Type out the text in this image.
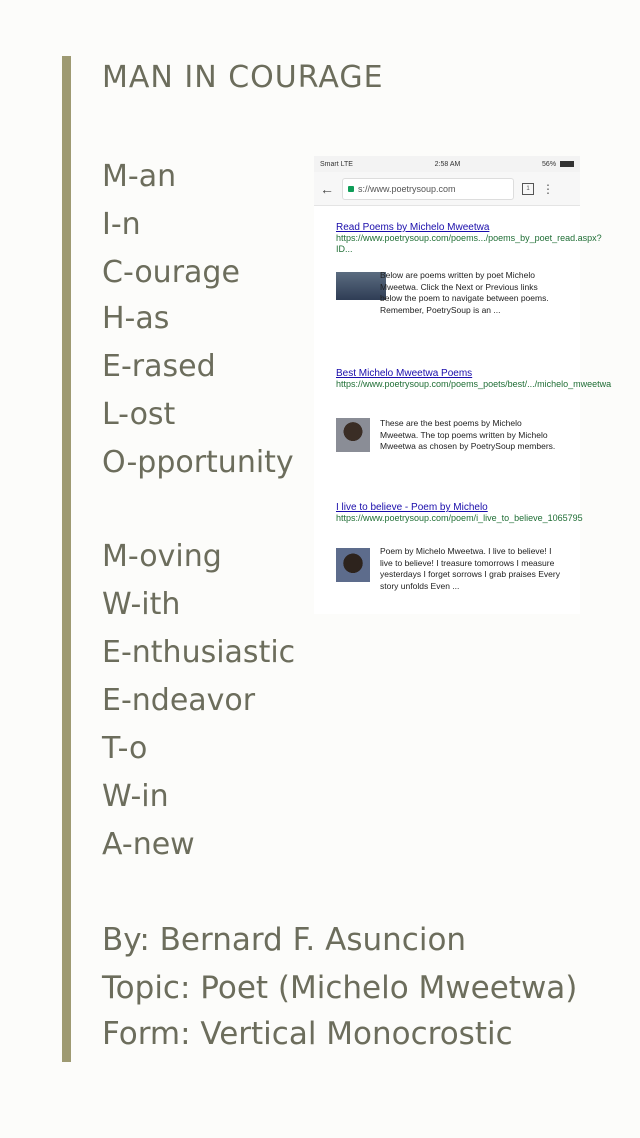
MAN IN COURAGE
M-an
I-n
C-ourage
H-as
E-rased
L-ost
O-pportunity
M-oving
W-ith
E-nthusiastic
E-ndeavor
T-o
W-in
A-new
By: Bernard F. Asuncion
Topic: Poet (Michelo Mweetwa)
Form: Vertical Monocrostic
Smart LTE	2:58 AM	56%
←	s://www.poetrysoup.com	1	⋮
Read Poems by Michelo Mweetwa
https://www.poetrysoup.com/poems.../poems_by_poet_read.aspx?ID...
Below are poems written by poet Michelo Mweetwa. Click the Next or Previous links below the poem to navigate between poems. Remember, PoetrySoup is an ...
Best Michelo Mweetwa Poems
https://www.poetrysoup.com/poems_poets/best/.../michelo_mweetwa
These are the best poems by Michelo Mweetwa. The top poems written by Michelo Mweetwa as chosen by PoetrySoup members.
I live to believe - Poem by Michelo
https://www.poetrysoup.com/poem/i_live_to_believe_1065795
Poem by Michelo Mweetwa. I live to believe! I live to believe! I treasure tomorrows I measure yesterdays I forget sorrows I grab praises Every story unfolds Even ...
